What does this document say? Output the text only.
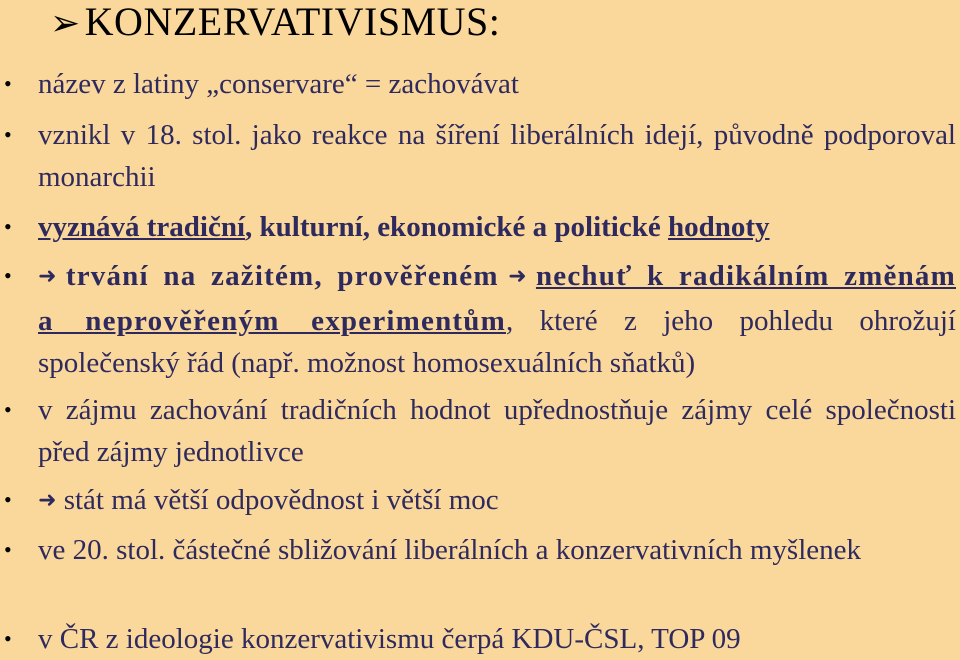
➢ KONZERVATIVISMUS:
• název z latiny „conservare“ = zachovávat
• vznikl v 18. stol. jako reakce na šíření liberálních idejí, původně podporoval monarchii
• vyznává tradiční, kulturní, ekonomické a politické hodnoty
• ➜ trvání na zažitém, prověřeném ➜ nechuť k radikálním změnám a neprověřeným experimentům, které z jeho pohledu ohrožují společenský řád (např. možnost homosexuálních sňatků)
• v zájmu zachování tradičních hodnot upřednostňuje zájmy celé společnosti před zájmy jednotlivce
• ➜ stát má větší odpovědnost i větší moc
• ve 20. stol. částečné sbližování liberálních a konzervativních myšlenek
• v ČR z ideologie konzervativismu čerpá KDU-ČSL, TOP 09
